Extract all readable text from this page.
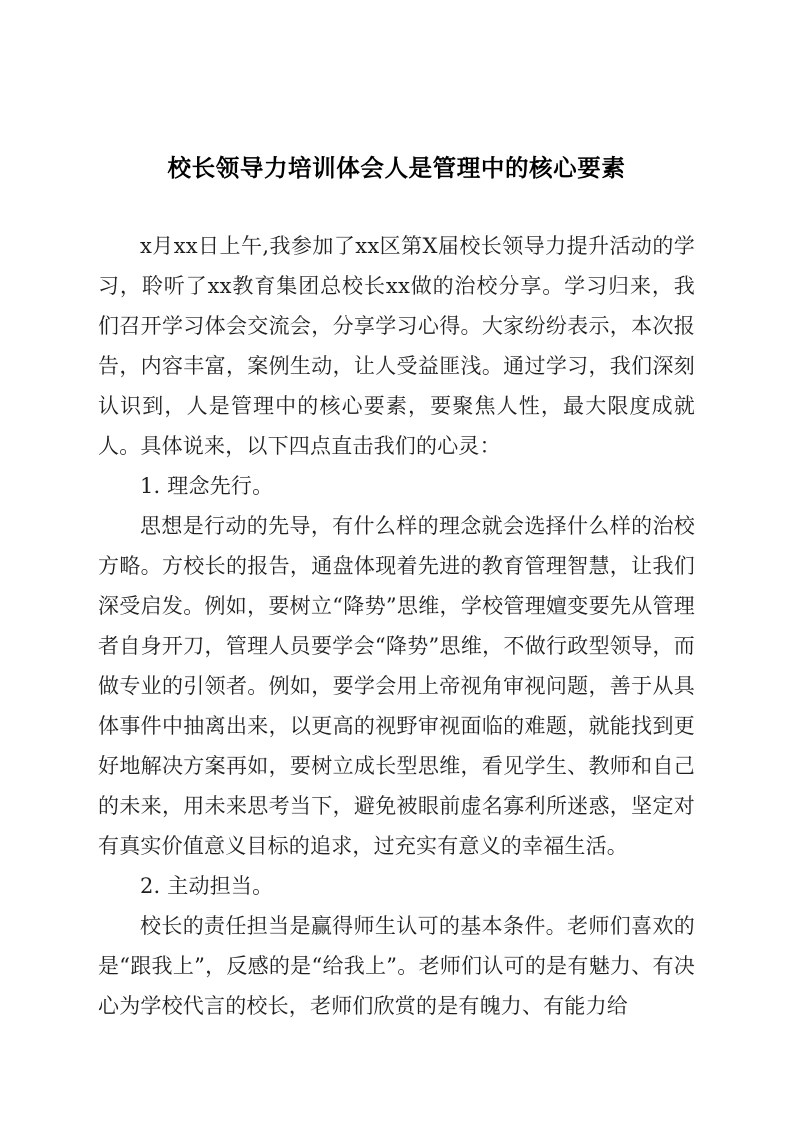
校长领导力培训体会人是管理中的核心要素

x月xx日上午,我参加了xx区第X届校长领导力提升活动的学习，聆听了xx教育集团总校长xx做的治校分享。学习归来，我们召开学习体会交流会，分享学习心得。大家纷纷表示，本次报告，内容丰富，案例生动，让人受益匪浅。通过学习，我们深刻认识到，人是管理中的核心要素，要聚焦人性，最大限度成就人。具体说来，以下四点直击我们的心灵：

1. 理念先行。

思想是行动的先导，有什么样的理念就会选择什么样的治校方略。方校长的报告，通盘体现着先进的教育管理智慧，让我们深受启发。例如，要树立“降势”思维，学校管理嬗变要先从管理者自身开刀，管理人员要学会“降势”思维，不做行政型领导，而做专业的引领者。例如，要学会用上帝视角审视问题，善于从具体事件中抽离出来，以更高的视野审视面临的难题，就能找到更好地解决方案再如，要树立成长型思维，看见学生、教师和自己的未来，用未来思考当下，避免被眼前虚名寡利所迷惑，坚定对有真实价值意义目标的追求，过充实有意义的幸福生活。

2. 主动担当。

校长的责任担当是赢得师生认可的基本条件。老师们喜欢的是“跟我上”，反感的是“给我上”。老师们认可的是有魅力、有决心为学校代言的校长，老师们欣赏的是有魄力、有能力给
